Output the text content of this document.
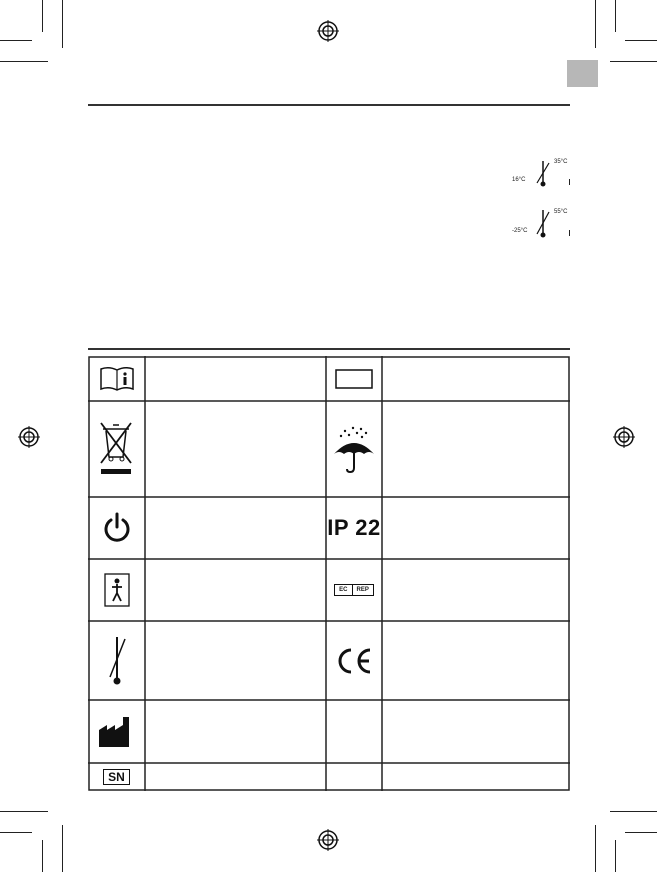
16°C
35°C
-25°C
55°C
IP 22
EC	REP
SN
